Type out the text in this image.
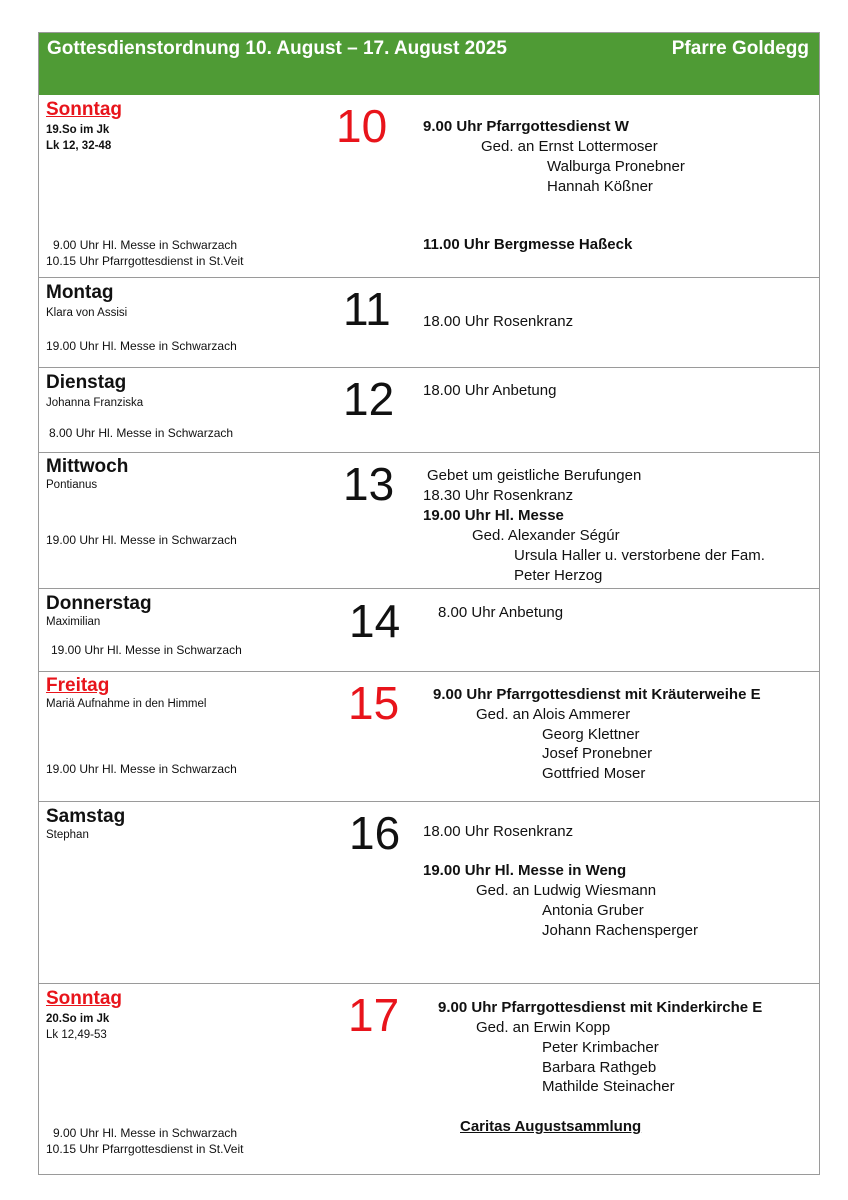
Gottesdienstordnung 10. August – 17. August 2025	Pfarre Goldegg
Sonntag
19.So im Jk
Lk 12, 32-48
9.00 Uhr Hl. Messe in Schwarzach
10.15 Uhr Pfarrgottesdienst in St.Veit
10 9.00 Uhr Pfarrgottesdienst W
Ged. an Ernst Lottermoser
Walburga Pronebner
Hannah Kößner
11.00 Uhr Bergmesse Haßeck
Montag
Klara von Assisi
19.00 Uhr Hl. Messe in Schwarzach
11 18.00 Uhr Rosenkranz
Dienstag
Johanna Franziska
8.00 Uhr Hl. Messe in Schwarzach
12 18.00 Uhr Anbetung
Mittwoch
Pontianus
19.00 Uhr Hl. Messe in Schwarzach
13 Gebet um geistliche Berufungen
18.30 Uhr Rosenkranz
19.00 Uhr Hl. Messe
Ged. Alexander Ségúr
Ursula Haller u. verstorbene der Fam.
Peter Herzog
Donnerstag
Maximilian
19.00 Uhr Hl. Messe in Schwarzach
14	8.00 Uhr Anbetung
Freitag
Mariä Aufnahme in den Himmel
19.00 Uhr Hl. Messe in Schwarzach
15 9.00 Uhr Pfarrgottesdienst mit Kräuterweihe E
Ged. an Alois Ammerer
Georg Klettner
Josef Pronebner
Gottfried Moser
Samstag
Stephan	16 18.00 Uhr Rosenkranz
19.00 Uhr Hl. Messe in Weng
Ged. an Ludwig Wiesmann
Antonia Gruber
Johann Rachensperger
Sonntag
20.So im Jk
Lk 12,49-53
9.00 Uhr Hl. Messe in Schwarzach
10.15 Uhr Pfarrgottesdienst in St.Veit
17	9.00 Uhr Pfarrgottesdienst mit Kinderkirche E
Ged. an Erwin Kopp
Peter Krimbacher
Barbara Rathgeb
Mathilde Steinacher
Caritas Augustsammlung
